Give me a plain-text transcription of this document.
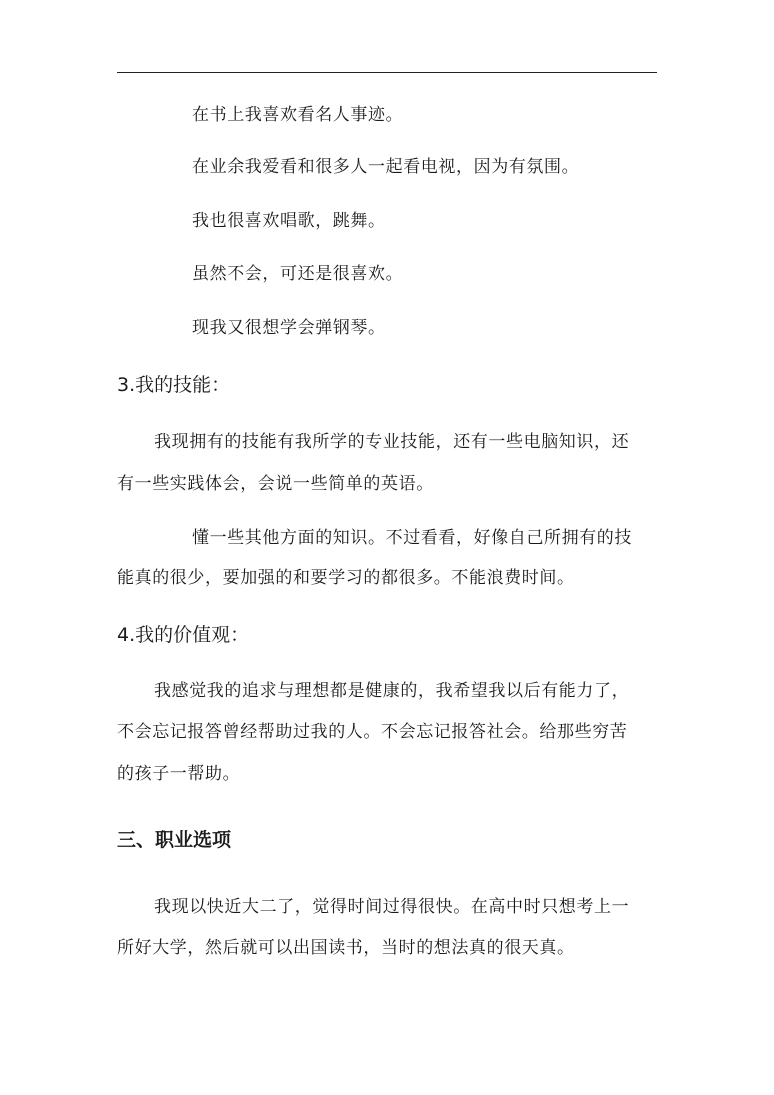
在书上我喜欢看名人事迹。
在业余我爱看和很多人一起看电视，因为有氛围。
我也很喜欢唱歌，跳舞。
虽然不会，可还是很喜欢。
现我又很想学会弹钢琴。
3.我的技能：
我现拥有的技能有我所学的专业技能，还有一些电脑知识，还
有一些实践体会，会说一些简单的英语。
懂一些其他方面的知识。不过看看，好像自己所拥有的技
能真的很少，要加强的和要学习的都很多。不能浪费时间。
4.我的价值观：
我感觉我的追求与理想都是健康的，我希望我以后有能力了，
不会忘记报答曾经帮助过我的人。不会忘记报答社会。给那些穷苦
的孩子一帮助。
三、职业选项
我现以快近大二了，觉得时间过得很快。在高中时只想考上一
所好大学，然后就可以出国读书，当时的想法真的很天真。
